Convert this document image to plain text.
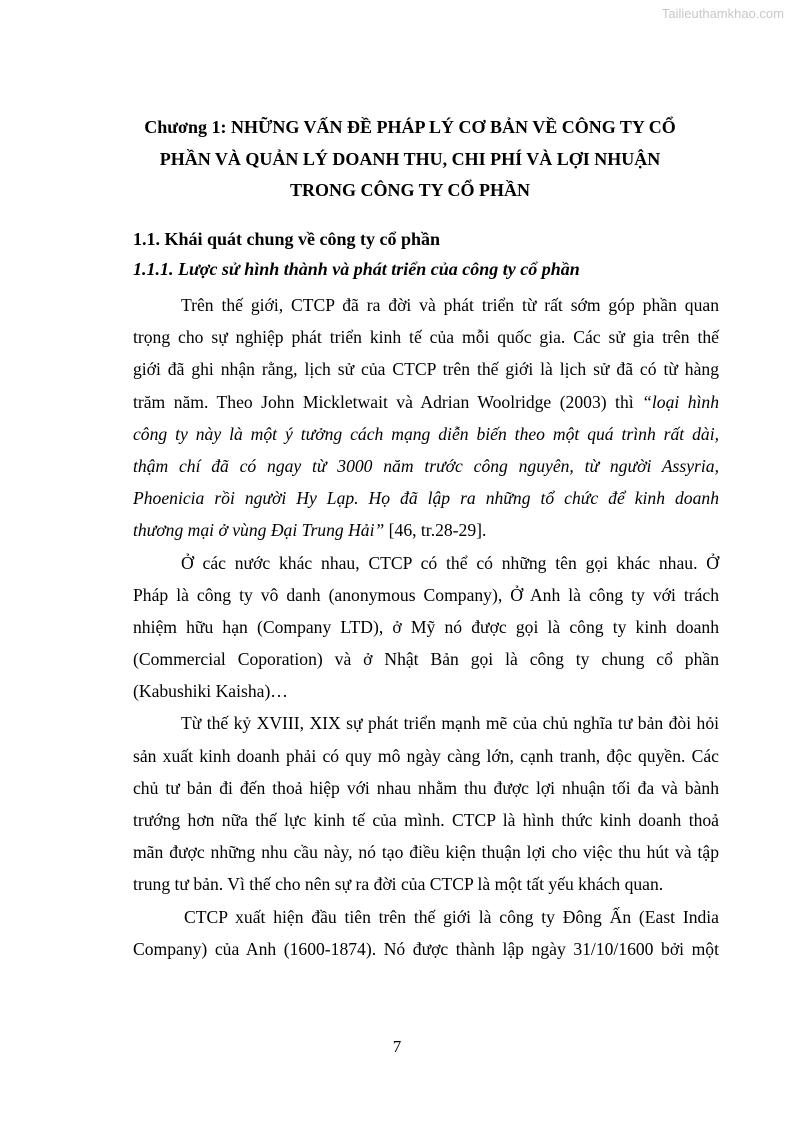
Tailieuthamkhao.com
Chương 1: NHỮNG VẤN ĐỀ PHÁP LÝ CƠ BẢN VỀ CÔNG TY CỔ
PHẦN VÀ QUẢN LÝ DOANH THU, CHI PHÍ VÀ LỢI NHUẬN
TRONG CÔNG TY CỔ PHẦN
1.1. Khái quát chung về công ty cổ phần
1.1.1. Lược sử hình thành và phát triển của công ty cổ phần
Trên thế giới, CTCP đã ra đời và phát triển từ rất sớm góp phần quan
trọng cho sự nghiệp phát triển kinh tế của mỗi quốc gia. Các sử gia trên thế
giới đã ghi nhận rằng, lịch sử của CTCP trên thế giới là lịch sử đã có từ hàng
trăm năm. Theo John Mickletwait và Adrian Woolridge (2003) thì “loại hình
công ty này là một ý tưởng cách mạng diễn biến theo một quá trình rất dài,
thậm chí đã có ngay từ 3000 năm trước công nguyên, từ người Assyria,
Phoenicia rồi người Hy Lạp. Họ đã lập ra những tổ chức để kinh doanh
thương mại ở vùng Đại Trung Hải” [46, tr.28-29].
Ở các nước khác nhau, CTCP có thể có những tên gọi khác nhau. Ở
Pháp là công ty vô danh (anonymous Company), Ở Anh là công ty với trách
nhiệm hữu hạn (Company LTD), ở Mỹ nó được gọi là công ty kinh doanh
(Commercial Coporation) và ở Nhật Bản gọi là công ty chung cổ phần
(Kabushiki Kaisha)…
Từ thế kỷ XVIII, XIX sự phát triển mạnh mẽ của chủ nghĩa tư bản đòi hỏi
sản xuất kinh doanh phải có quy mô ngày càng lớn, cạnh tranh, độc quyền. Các
chủ tư bản đi đến thoả hiệp với nhau nhằm thu được lợi nhuận tối đa và bành
trướng hơn nữa thế lực kinh tế của mình. CTCP là hình thức kinh doanh thoả
mãn được những nhu cầu này, nó tạo điều kiện thuận lợi cho việc thu hút và tập
trung tư bản. Vì thế cho nên sự ra đời của CTCP là một tất yếu khách quan.
CTCP xuất hiện đầu tiên trên thế giới là công ty Đông Ấn (East India
Company) của Anh (1600-1874). Nó được thành lập ngày 31/10/1600 bởi một
7
